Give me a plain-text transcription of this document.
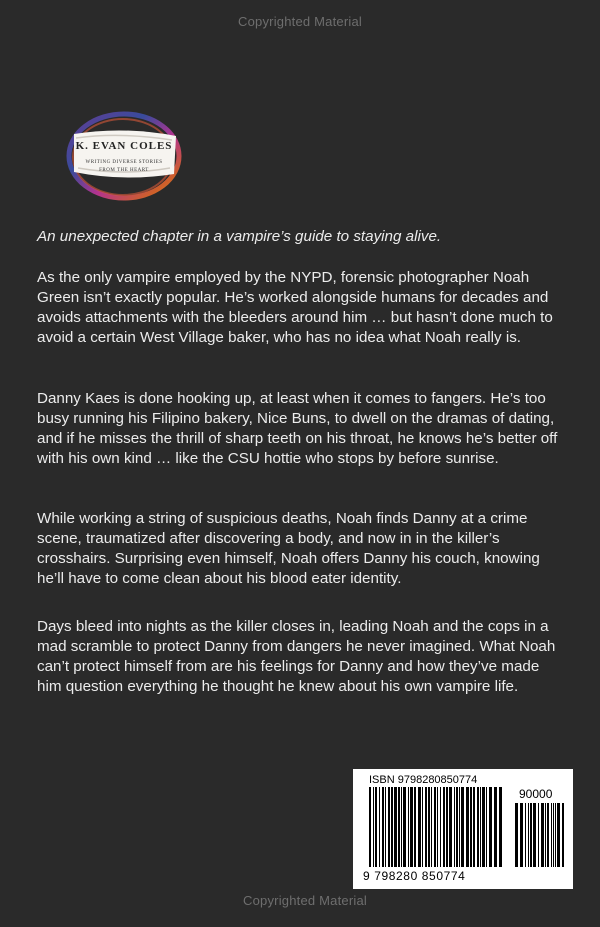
Copyrighted Material
K. EVAN COLES
WRITING DIVERSE STORIES
FROM THE HEART

An unexpected chapter in a vampire’s guide to staying alive.

As the only vampire employed by the NYPD, forensic photographer Noah Green isn’t exactly popular. He’s worked alongside humans for decades and avoids attachments with the bleeders around him … but hasn’t done much to avoid a certain West Village baker, who has no idea what Noah really is.

Danny Kaes is done hooking up, at least when it comes to fangers. He’s too busy running his Filipino bakery, Nice Buns, to dwell on the dramas of dating, and if he misses the thrill of sharp teeth on his throat, he knows he’s better off with his own kind … like the CSU hottie who stops by before sunrise.

While working a string of suspicious deaths, Noah finds Danny at a crime scene, traumatized after discovering a body, and now in in the killer’s crosshairs. Surprising even himself, Noah offers Danny his couch, knowing he’ll have to come clean about his blood eater identity.

Days bleed into nights as the killer closes in, leading Noah and the cops in a mad scramble to protect Danny from dangers he never imagined. What Noah can’t protect himself from are his feelings for Danny and how they’ve made him question everything he thought he knew about his own vampire life.

ISBN 9798280850774
90000
9 798280 850774
Copyrighted Material
